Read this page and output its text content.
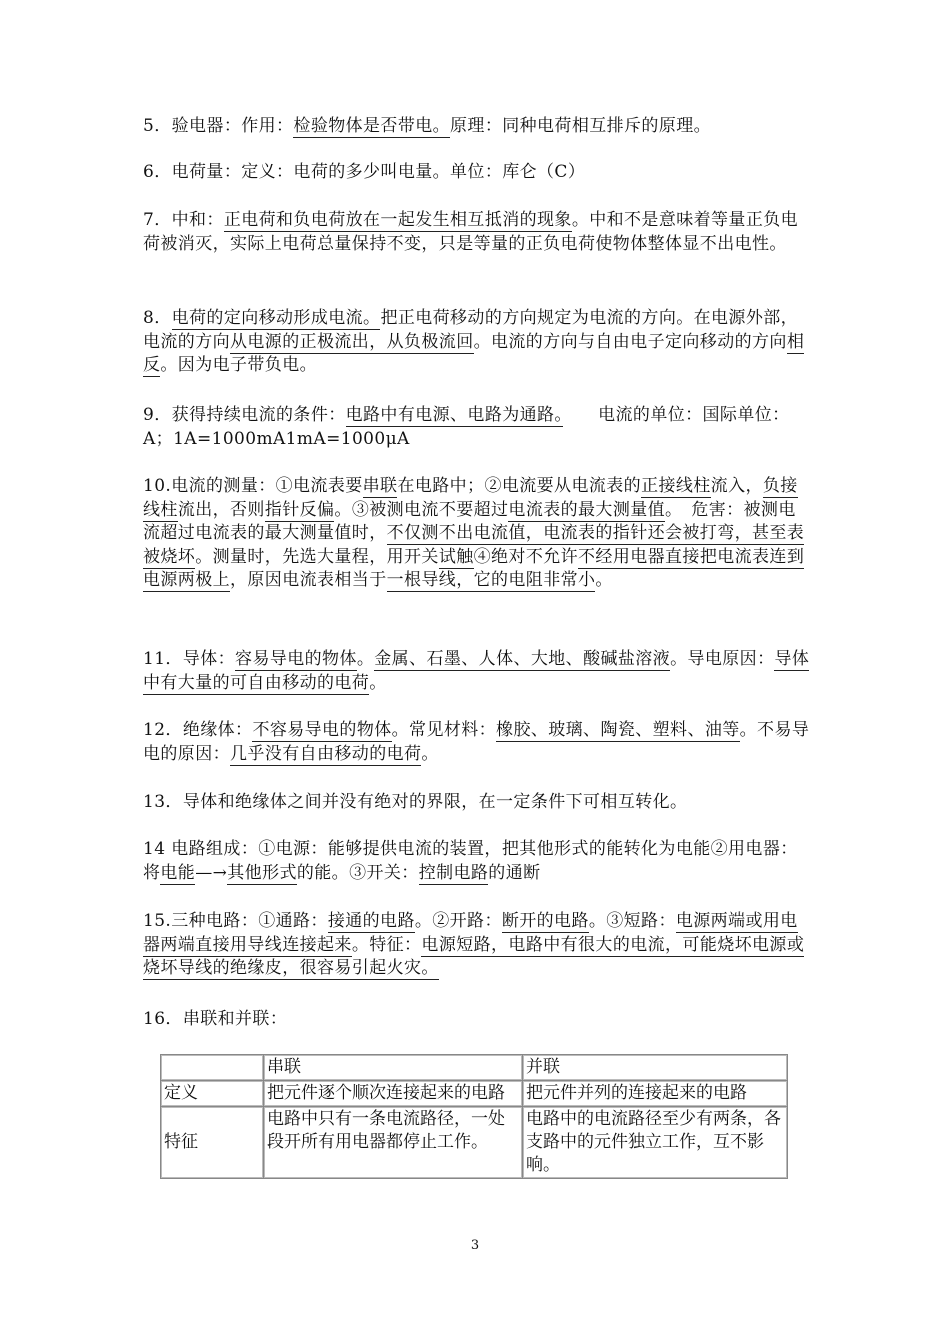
5．验电器：作用：检验物体是否带电。原理：同种电荷相互排斥的原理。

6．电荷量：定义：电荷的多少叫电量。单位：库仑（C）

7．中和：正电荷和负电荷放在一起发生相互抵消的现象。中和不是意味着等量正负电荷被消灭，实际上电荷总量保持不变，只是等量的正负电荷使物体整体显不出电性。

8．电荷的定向移动形成电流。把正电荷移动的方向规定为电流的方向。在电源外部，电流的方向从电源的正极流出，从负极流回。电流的方向与自由电子定向移动的方向相反。因为电子带负电。

9．获得持续电流的条件：电路中有电源、电路为通路。　　电流的单位：国际单位：A；1A=1000mA1mA=1000μA

10.电流的测量：①电流表要串联在电路中；②电流要从电流表的正接线柱流入，负接线柱流出，否则指针反偏。③被测电流不要超过电流表的最大测量值。　危害：被测电流超过电流表的最大测量值时，不仅测不出电流值，电流表的指针还会被打弯，甚至表被烧坏。测量时，先选大量程，用开关试触④绝对不允许不经用电器直接把电流表连到电源两极上，原因电流表相当于一根导线，它的电阻非常小。

11．导体：容易导电的物体。金属、石墨、人体、大地、酸碱盐溶液。导电原因：导体中有大量的可自由移动的电荷。

12．绝缘体：不容易导电的物体。常见材料：橡胶、玻璃、陶瓷、塑料、油等。不易导电的原因：几乎没有自由移动的电荷。

13．导体和绝缘体之间并没有绝对的界限，在一定条件下可相互转化。

14 电路组成：①电源：能够提供电流的装置，把其他形式的能转化为电能②用电器：将电能—→其他形式的能。③开关：控制电路的通断

15.三种电路：①通路：接通的电路。②开路：断开的电路。③短路：电源两端或用电器两端直接用导线连接起来。特征：电源短路，电路中有很大的电流，可能烧坏电源或烧坏导线的绝缘皮，很容易引起火灾。

16．串联和并联：

	串联	并联
定义	把元件逐个顺次连接起来的电路	把元件并列的连接起来的电路
特征	电路中只有一条电流路径，一处段开所有用电器都停止工作。	电路中的电流路径至少有两条，各支路中的元件独立工作，互不影响。
3
